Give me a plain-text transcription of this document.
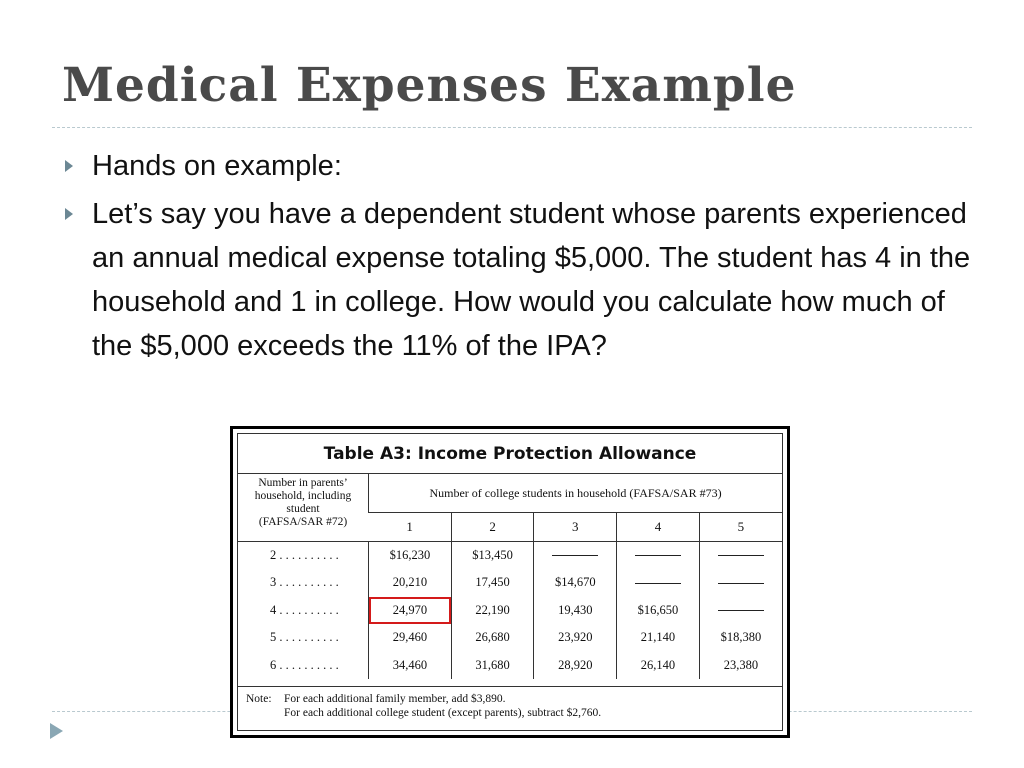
Medical Expenses Example
Hands on example:
Let’s say you have a dependent student whose parents experienced an annual medical expense totaling $5,000. The student has 4 in the household and 1 in college. How would you calculate how much of the $5,000 exceeds the 11% of the IPA?
Table A3: Income Protection Allowance
Number in parents’
household, including
student
(FAFSA/SAR #72)	Number of college students in household (FAFSA/SAR #73)				
	1	2	3	4	5
2 . . . . . . . . . .	$16,230	$13,450			
3 . . . . . . . . . .	20,210	17,450	$14,670		
4 . . . . . . . . . .	24,970	22,190	19,430	$16,650	
5 . . . . . . . . . .	29,460	26,680	23,920	21,140	$18,380
6 . . . . . . . . . .	34,460	31,680	28,920	26,140	23,380
Note: For each additional family member, add $3,890.
For each additional college student (except parents), subtract $2,760.
